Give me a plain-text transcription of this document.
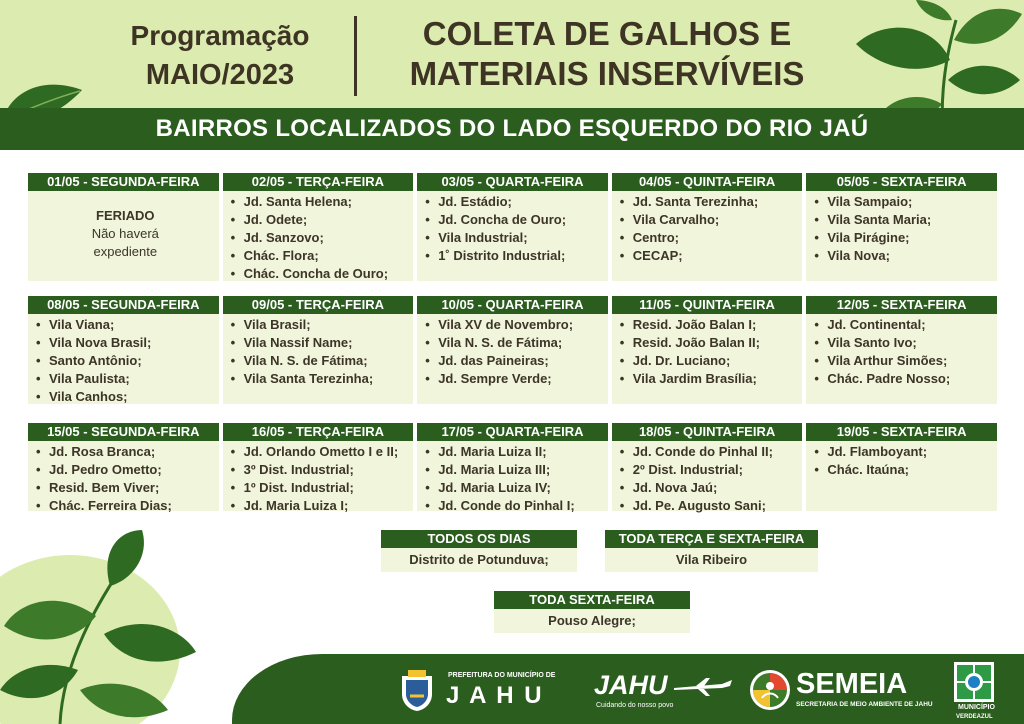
Programação
MAIO/2023
COLETA DE GALHOS E
MATERIAIS INSERVÍVEIS
BAIRROS LOCALIZADOS DO LADO ESQUERDO DO RIO JAÚ
01/05 - SEGUNDA-FEIRA
FERIADO
Não haverá
expediente
02/05 - TERÇA-FEIRA
• Jd. Santa Helena;
• Jd. Odete;
• Jd. Sanzovo;
• Chác. Flora;
• Chác. Concha de Ouro;
03/05 - QUARTA-FEIRA
• Jd. Estádio;
• Jd. Concha de Ouro;
• Vila Industrial;
• 1˚ Distrito Industrial;
04/05 - QUINTA-FEIRA
• Jd. Santa Terezinha;
• Vila Carvalho;
• Centro;
• CECAP;
05/05 - SEXTA-FEIRA
• Vila Sampaio;
• Vila Santa Maria;
• Vila Pirágine;
• Vila Nova;
08/05 - SEGUNDA-FEIRA
• Vila Viana;
• Vila Nova Brasil;
• Santo Antônio;
• Vila Paulista;
• Vila Canhos;
09/05 - TERÇA-FEIRA
• Vila Brasil;
• Vila Nassif Name;
• Vila N. S. de Fátima;
• Vila Santa Terezinha;
10/05 - QUARTA-FEIRA
• Vila XV de Novembro;
• Vila N. S. de Fátima;
• Jd. das Paineiras;
• Jd. Sempre Verde;
11/05 - QUINTA-FEIRA
• Resid. João Balan I;
• Resid. João Balan II;
• Jd. Dr. Luciano;
• Vila Jardim Brasília;
12/05 - SEXTA-FEIRA
• Jd. Continental;
• Vila Santo Ivo;
• Vila Arthur Simões;
• Chác. Padre Nosso;
15/05 - SEGUNDA-FEIRA
• Jd. Rosa Branca;
• Jd. Pedro Ometto;
• Resid. Bem Viver;
• Chác. Ferreira Dias;
16/05 - TERÇA-FEIRA
• Jd. Orlando Ometto I e II;
• 3º Dist. Industrial;
• 1º Dist. Industrial;
• Jd. Maria Luiza I;
17/05 - QUARTA-FEIRA
• Jd. Maria Luiza II;
• Jd. Maria Luiza III;
• Jd. Maria Luiza IV;
• Jd. Conde do Pinhal I;
18/05 - QUINTA-FEIRA
• Jd. Conde do Pinhal II;
• 2º Dist. Industrial;
• Jd. Nova Jaú;
• Jd. Pe. Augusto Sani;
19/05 - SEXTA-FEIRA
• Jd. Flamboyant;
• Chác. Itaúna;
TODOS OS DIAS
Distrito de Potunduva;
TODA TERÇA E SEXTA-FEIRA
Vila Ribeiro
TODA SEXTA-FEIRA
Pouso Alegre;
PREFEITURA DO MUNICÍPIO DE
J A H U JAHU
Cuidando do nosso povo
SEMEIA
SECRETARIA DE MEIO AMBIENTE DE JAHU	MUNICÍPIO
VERDEAZUL
